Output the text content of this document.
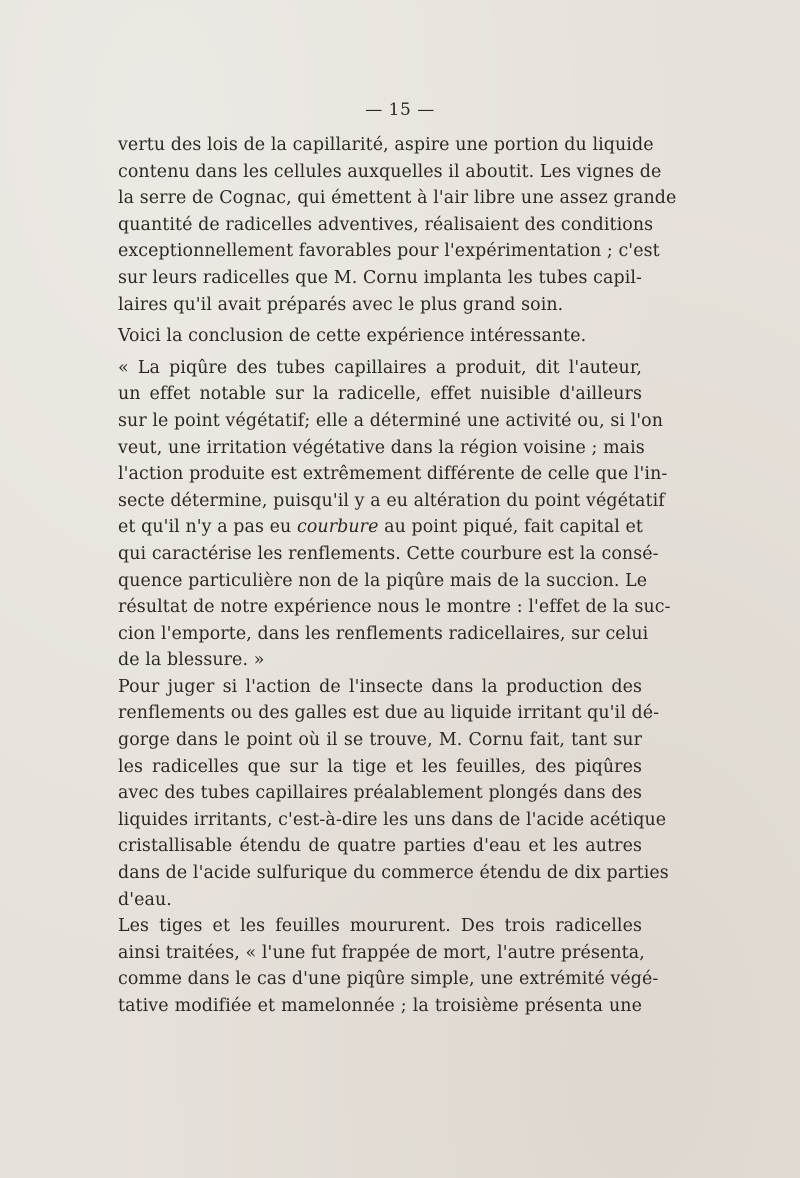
— 15 —
vertu des lois de la capillarité, aspire une portion du liquide
contenu dans les cellules auxquelles il aboutit. Les vignes de
la serre de Cognac, qui émettent à l'air libre une assez grande
quantité de radicelles adventives, réalisaient des conditions
exceptionnellement favorables pour l'expérimentation ; c'est
sur leurs radicelles que M. Cornu implanta les tubes capil-
laires qu'il avait préparés avec le plus grand soin.
Voici la conclusion de cette expérience intéressante.
« La piqûre des tubes capillaires a produit, dit l'auteur,
un effet notable sur la radicelle, effet nuisible d'ailleurs
sur le point végétatif; elle a déterminé une activité ou, si l'on
veut, une irritation végétative dans la région voisine ; mais
l'action produite est extrêmement différente de celle que l'in-
secte détermine, puisqu'il y a eu altération du point végétatif
et qu'il n'y a pas eu courbure au point piqué, fait capital et
qui caractérise les renflements. Cette courbure est la consé-
quence particulière non de la piqûre mais de la succion. Le
résultat de notre expérience nous le montre : l'effet de la suc-
cion l'emporte, dans les renflements radicellaires, sur celui
de la blessure. »
Pour juger si l'action de l'insecte dans la production des
renflements ou des galles est due au liquide irritant qu'il dé-
gorge dans le point où il se trouve, M. Cornu fait, tant sur
les radicelles que sur la tige et les feuilles, des piqûres
avec des tubes capillaires préalablement plongés dans des
liquides irritants, c'est-à-dire les uns dans de l'acide acétique
cristallisable étendu de quatre parties d'eau et les autres
dans de l'acide sulfurique du commerce étendu de dix parties
d'eau.
Les tiges et les feuilles moururent. Des trois radicelles
ainsi traitées, « l'une fut frappée de mort, l'autre présenta,
comme dans le cas d'une piqûre simple, une extrémité végé-
tative modifiée et mamelonnée ; la troisième présenta une
